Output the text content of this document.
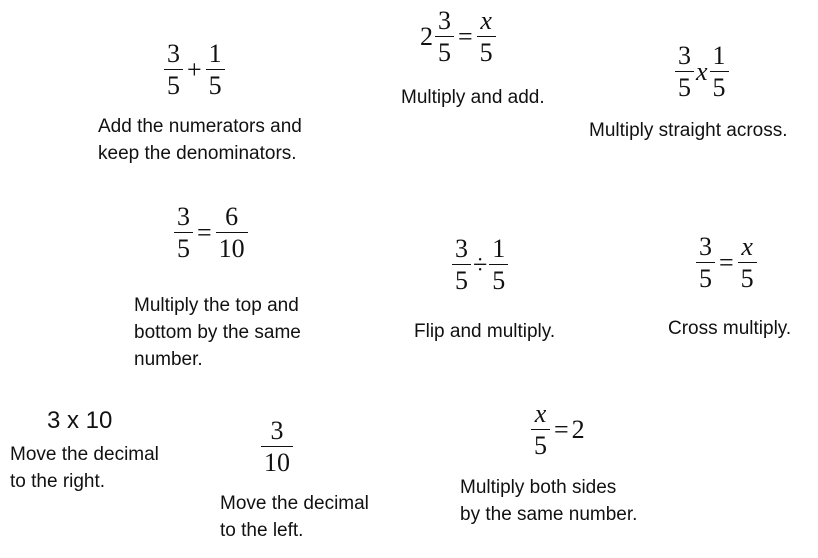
$\frac{3}{5} + \frac{1}{5}$
Add the numerators and
keep the denominators.
$2 \frac{3}{5} = \frac{x}{5}$
Multiply and add.	$\frac{3}{5}$ x $\frac{1}{5}$
Multiply straight across.
$\frac{3}{5} = \frac{6}{10}$
Multiply the top and
bottom by the same
number.
$\frac{3}{5} \div \frac{1}{5}$
Flip and multiply.
$\frac{3}{5} = \frac{x}{5}$
Cross multiply.
3 x 10
Move the decimal
to the right.
$\frac{3}{10}$
Move the decimal
to the left.
$\frac{x}{5} = 2$
Multiply both sides
by the same number.
